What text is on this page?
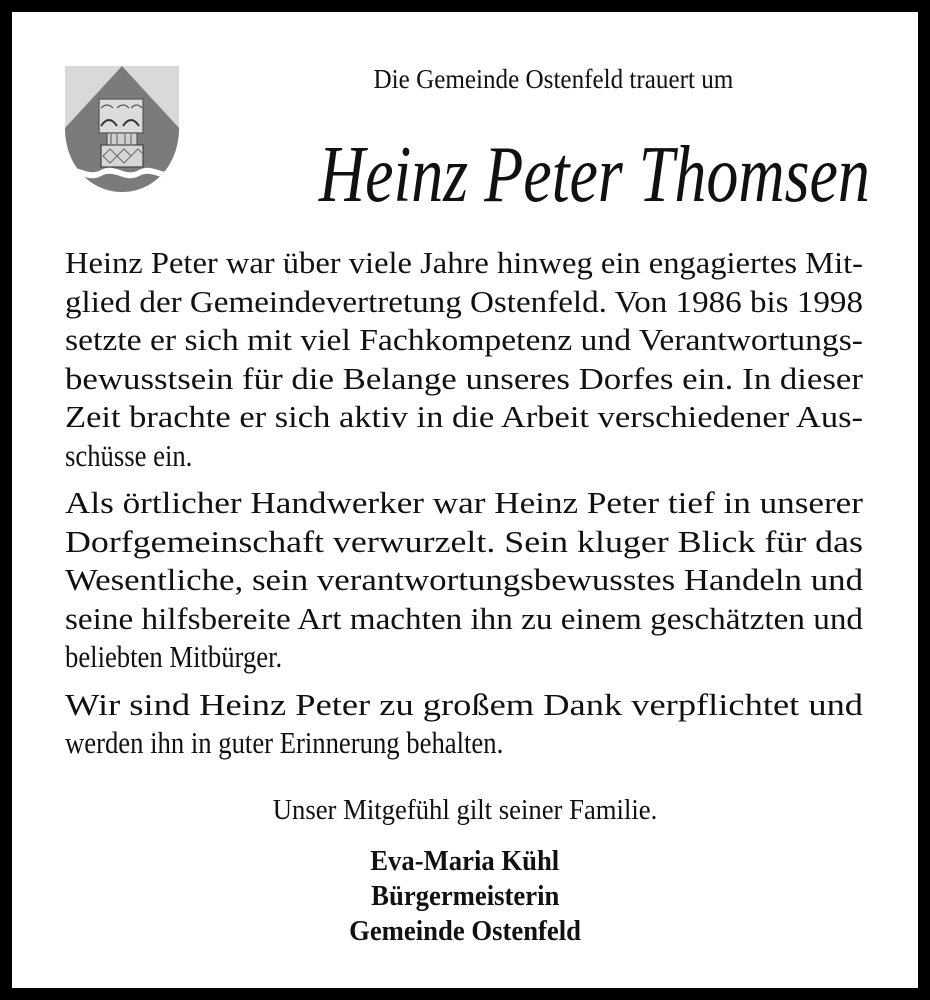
Die Gemeinde Ostenfeld trauert um
Heinz Peter Thomsen
Heinz Peter war über viele Jahre hinweg ein engagiertes Mit-
glied der Gemeindevertretung Ostenfeld. Von 1986 bis 1998
setzte er sich mit viel Fachkompetenz und Verantwortungs-
bewusstsein für die Belange unseres Dorfes ein. In dieser
Zeit brachte er sich aktiv in die Arbeit verschiedener Aus-
schüsse ein.
Als örtlicher Handwerker war Heinz Peter tief in unserer
Dorfgemeinschaft verwurzelt. Sein kluger Blick für das
Wesentliche, sein verantwortungsbewusstes Handeln und
seine hilfsbereite Art machten ihn zu einem geschätzten und
beliebten Mitbürger.
Wir sind Heinz Peter zu großem Dank verpflichtet und
werden ihn in guter Erinnerung behalten.
Unser Mitgefühl gilt seiner Familie.
Eva-Maria Kühl
Bürgermeisterin
Gemeinde Ostenfeld
